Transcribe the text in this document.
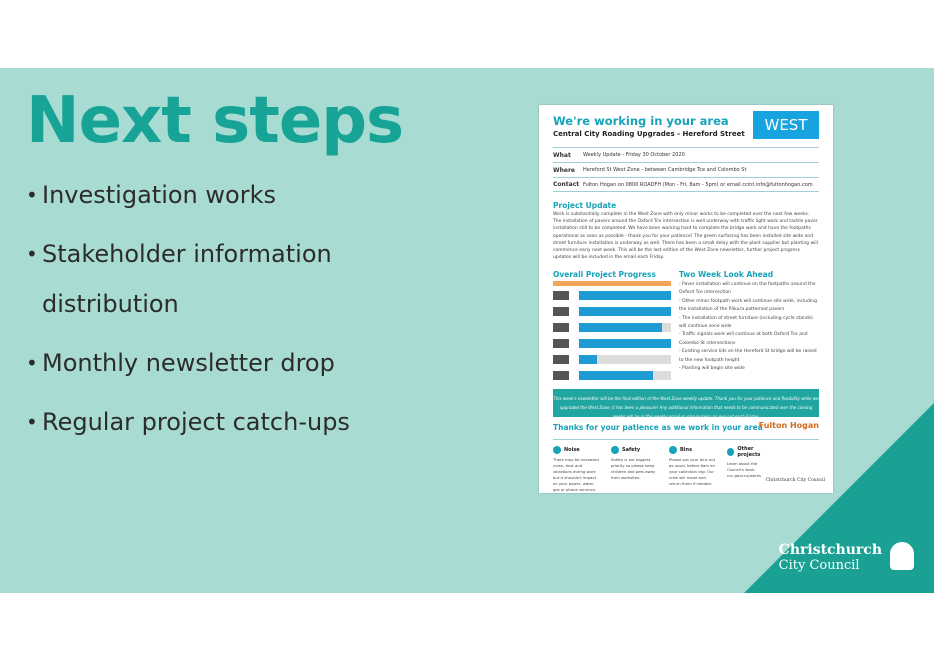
Next steps
• Investigation works
• Stakeholder information distribution
• Monthly newsletter drop
• Regular project catch-ups
We're working in your area
Central City Roading Upgrades - Hereford Street	WEST
What	Weekly Update - Friday 30 October 2020
Where	Hereford St West Zone - between Cambridge Tce and Colombo St
Contact Fulton Hogan on 0800 ROADFH (Mon - Fri, 8am - 5pm) or email ccint.info@fultonhogan.com
Project Update
Work is substantially complete in the West Zone with only minor works to be completed over the next few weeks. The installation of pavers around the Oxford Tce intersection is well underway with traffic light work and tactile paver installation still to be completed. We have been working hard to complete the bridge work and have the footpaths operational as soon as possible - thank you for your patience! The green surfacing has been installed site wide and street furniture installation is underway as well. There has been a small delay with the plant supplier but planting will commence early next week. This will be the last edition of the West Zone newsletter, further project progress updates will be included in the email each Friday.
Overall Project Progress	Two Week Look Ahead
- Paver installation will continue on the footpaths around the Oxford Tce intersection
- Other minor footpath work will continue site wide, including the installation of the Pākura patterned pavers
- The installation of street furniture (including cycle stands) will continue zone wide
- Traffic signals work will continue at both Oxford Tce and Colombo St intersections
- Existing service lids on the Hereford St bridge will be raised to the new footpath height
- Planting will begin site wide
This week's newsletter will be the final edition of the West Zone weekly update. Thank you for your patience and flexibility while we upgraded the West Zone, it has been a pleasure! Any additional information that needs to be communicated over the coming weeks will be in the weekly email so please keep an eye out each Friday.
Thanks for your patience as we work in your area
Fulton Hogan
Noise
There may be increased noise, dust and vibrations during work but it shouldn't impact on your power, water, gas or phone services.
Safety
Safety is our biggest priority so please keep children and pets away from worksites.
Bins
Please put your bins out as usual, before 6am on your collection day. Our crew will move and return them if needed.
Other projects
Learn about the Council's work. ccc.govt.nz/works
Christchurch City Council
Christchurch
City Council
